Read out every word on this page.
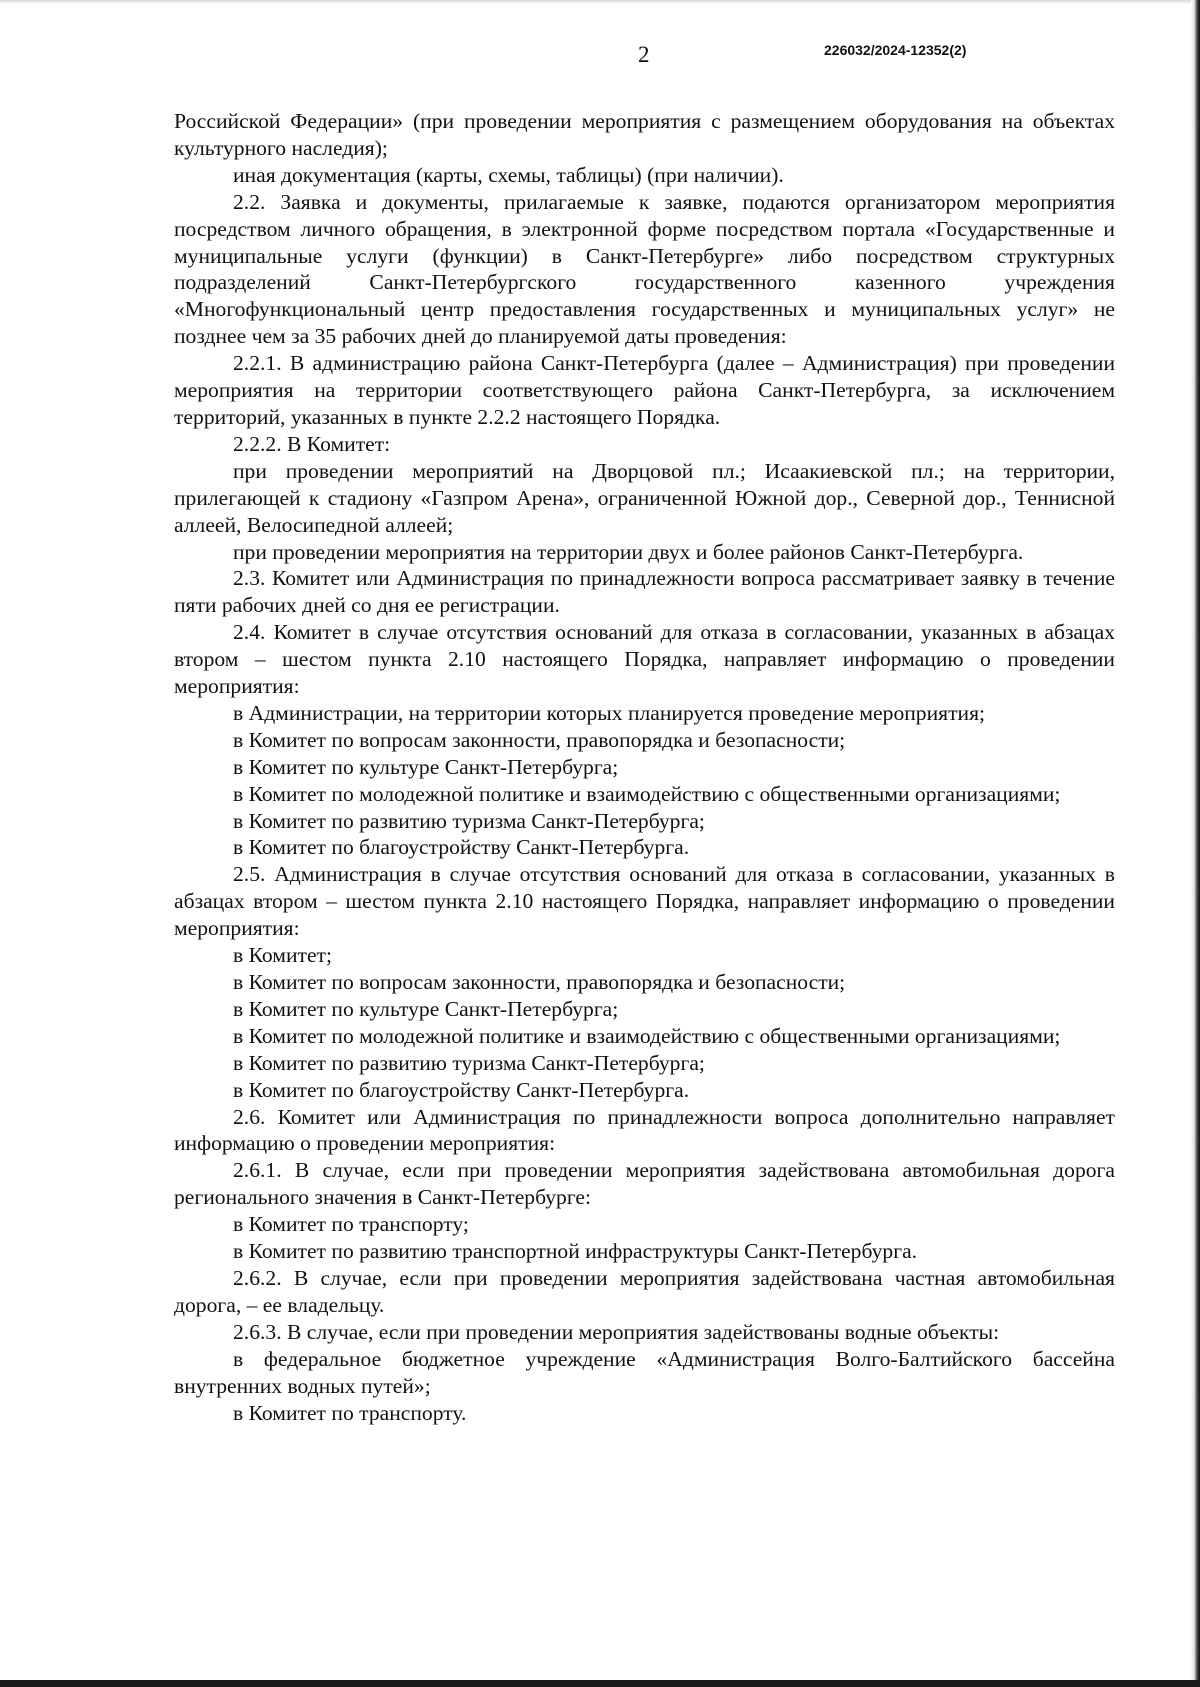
2	226032/2024-12352(2)

Российской Федерации» (при проведении мероприятия с размещением оборудования на объектах культурного наследия);

иная документация (карты, схемы, таблицы) (при наличии).

2.2. Заявка и документы, прилагаемые к заявке, подаются организатором мероприятия посредством личного обращения, в электронной форме посредством портала «Государственные и муниципальные услуги (функции) в Санкт-Петербурге» либо посредством структурных подразделений Санкт-Петербургского государственного казенного учреждения «Многофункциональный центр предоставления государственных и муниципальных услуг» не позднее чем за 35 рабочих дней до планируемой даты проведения:

2.2.1. В администрацию района Санкт-Петербурга (далее – Администрация) при проведении мероприятия на территории соответствующего района Санкт-Петербурга, за исключением территорий, указанных в пункте 2.2.2 настоящего Порядка.

2.2.2. В Комитет:

при проведении мероприятий на Дворцовой пл.; Исаакиевской пл.; на территории, прилегающей к стадиону «Газпром Арена», ограниченной Южной дор., Северной дор., Теннисной аллеей, Велосипедной аллеей;

при проведении мероприятия на территории двух и более районов Санкт-Петербурга.

2.3. Комитет или Администрация по принадлежности вопроса рассматривает заявку в течение пяти рабочих дней со дня ее регистрации.

2.4. Комитет в случае отсутствия оснований для отказа в согласовании, указанных в абзацах втором – шестом пункта 2.10 настоящего Порядка, направляет информацию о проведении мероприятия:

в Администрации, на территории которых планируется проведение мероприятия;

в Комитет по вопросам законности, правопорядка и безопасности;

в Комитет по культуре Санкт-Петербурга;

в Комитет по молодежной политике и взаимодействию с общественными организациями;

в Комитет по развитию туризма Санкт-Петербурга;

в Комитет по благоустройству Санкт-Петербурга.

2.5. Администрация в случае отсутствия оснований для отказа в согласовании, указанных в абзацах втором – шестом пункта 2.10 настоящего Порядка, направляет информацию о проведении мероприятия:

в Комитет;

в Комитет по вопросам законности, правопорядка и безопасности;

в Комитет по культуре Санкт-Петербурга;

в Комитет по молодежной политике и взаимодействию с общественными организациями;

в Комитет по развитию туризма Санкт-Петербурга;

в Комитет по благоустройству Санкт-Петербурга.

2.6. Комитет или Администрация по принадлежности вопроса дополнительно направляет информацию о проведении мероприятия:

2.6.1. В случае, если при проведении мероприятия задействована автомобильная дорога регионального значения в Санкт-Петербурге:

в Комитет по транспорту;

в Комитет по развитию транспортной инфраструктуры Санкт-Петербурга.

2.6.2. В случае, если при проведении мероприятия задействована частная автомобильная дорога, – ее владельцу.

2.6.3. В случае, если при проведении мероприятия задействованы водные объекты:

в федеральное бюджетное учреждение «Администрация Волго-Балтийского бассейна внутренних водных путей»;

в Комитет по транспорту.
